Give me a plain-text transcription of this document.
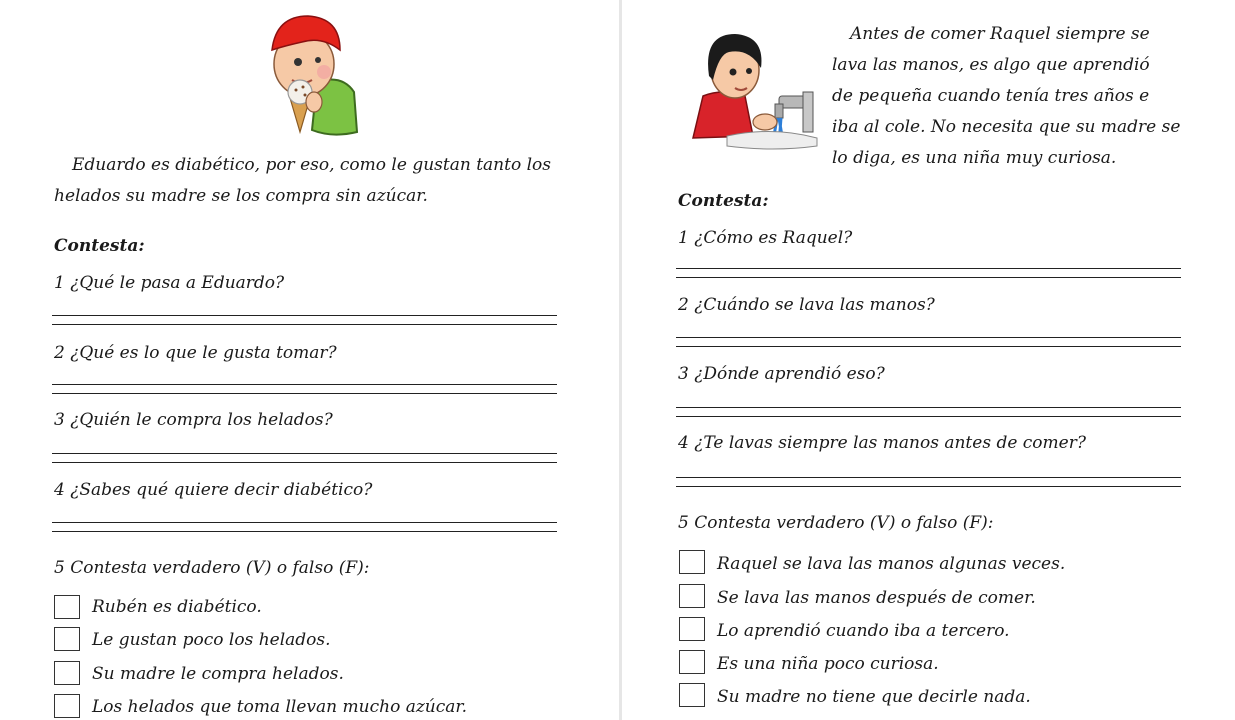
Eduardo es diabético, por eso, como le gustan tanto los
helados su madre se los compra sin azúcar.
Contesta:
1 ¿Qué le pasa a Eduardo?
2 ¿Qué es lo que le gusta tomar?
3 ¿Quién le compra los helados?
4 ¿Sabes qué quiere decir diabético?
5 Contesta verdadero (V) o falso (F):
Rubén es diabético.
Le gustan poco los helados.
Su madre le compra helados.
Los helados que toma llevan mucho azúcar.
Antes de comer Raquel siempre se
lava las manos, es algo que aprendió
de pequeña cuando tenía tres años e
iba al cole. No necesita que su madre se
lo diga, es una niña muy curiosa.
Contesta:
1 ¿Cómo es Raquel?
2 ¿Cuándo se lava las manos?
3 ¿Dónde aprendió eso?
4 ¿Te lavas siempre las manos antes de comer?
5 Contesta verdadero (V) o falso (F):
Raquel se lava las manos algunas veces.
Se lava las manos después de comer.
Lo aprendió cuando iba a tercero.
Es una niña poco curiosa.
Su madre no tiene que decirle nada.
